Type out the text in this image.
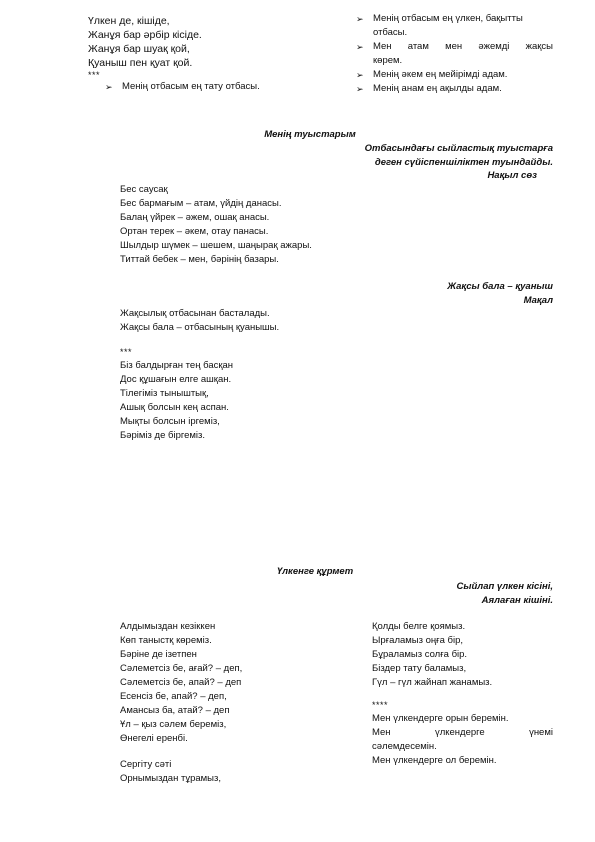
Үлкен де, кішіде,
Жанұя бар әрбір кісіде.
Жанұя бар шуақ қой,
Қуаныш пен қуат қой.
***
➢ Менің отбасым ең тату отбасы.
➢ Менің отбасым ең үлкен, бақытты
отбасы.
➢ Мен атам мен әжемді жақсы
көрем.
➢ Менің әкем ең мейірімді адам.
➢ Менің анам ең ақылды адам.
Менің туыстарым
Отбасындағы сыйластық туыстарға
деген сүйіспеншіліктен туындайды.
Нақыл сөз
Бес саусақ
Бес бармағым – атам, үйдің данасы.
Балаң үйрек – әжем, ошақ анасы.
Ортан терек – әкем, отау панасы.
Шылдыр шүмек – шешем, шаңырақ ажары.
Титтай бебек – мен, бәрінің базары.
Жақсы бала – қуаныш
Мақал
Жақсылық отбасынан басталады.
Жақсы бала – отбасының қуанышы.
***
Біз балдырған тең басқан
Дос құшағын елге ашқан.
Тілегіміз тыныштық,
Ашық болсын кең аспан.
Мықты болсын іргеміз,
Бәріміз де біргеміз.
Үлкенге құрмет
Сыйлап үлкен кісіні,
Аялаған кішіні.
Алдымыздан кезіккен
Көп таныстқ көреміз.
Бәріне де ізетпен
Сәлеметсіз бе, ағай? – деп,
Сәлеметсіз бе, апай? – деп
Есенсіз бе, апай? – деп,
Амансыз ба, атай? – деп
Ұл – қыз сәлем береміз,
Өнегелі еренбі.
Сергіту сәті
Орнымыздан тұрамыз,
Қолды белге қоямыз.
Ырғаламыз оңға бір,
Бұраламыз солға бір.
Біздер тату баламыз,
Гүл – гүл жайнап жанамыз.
****
Мен үлкендерге орын беремін.
Мен	үлкендерге	үнемі
сәлемдесемін.
Мен үлкендерге ол беремін.
